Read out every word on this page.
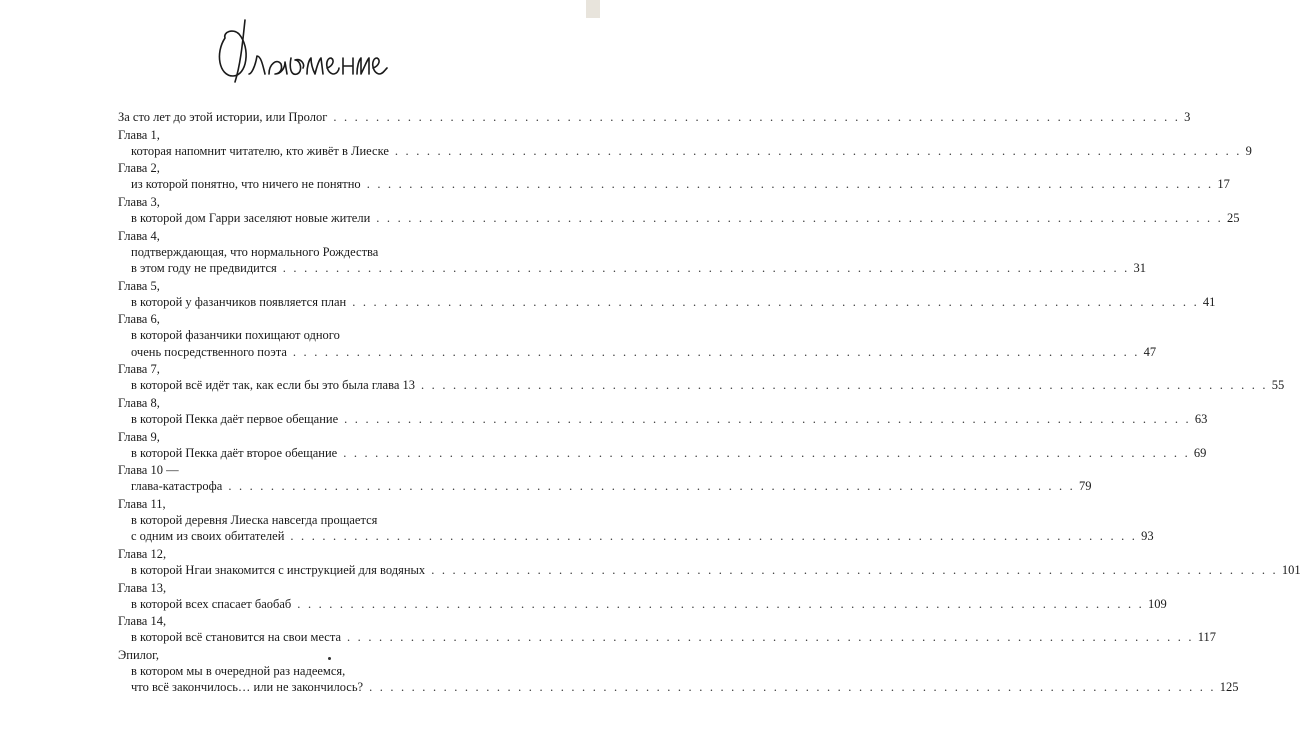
За сто лет до этой истории, или Пролог . . . . . . . . . . . . . . . . . . . . . . . . . . . . . . . . . . . . . . . . . . . . . . . . . . . . . . . . . . . . . . . . . . . . . . . . . . . . . . . . 3
Глава 1,
которая напомнит читателю, кто живёт в Лиеске . . . . . . . . . . . . . . . . . . . . . . . . . . . . . . . . . . . . . . . . . . . . . . . . . . . . . . . . . . . . . . . . . . . . . . . . . . . . . . . . 9
Глава 2,
из которой понятно, что ничего не понятно . . . . . . . . . . . . . . . . . . . . . . . . . . . . . . . . . . . . . . . . . . . . . . . . . . . . . . . . . . . . . . . . . . . . . . . . . . . . . . . . 17
Глава 3,
в которой дом Гарри заселяют новые жители . . . . . . . . . . . . . . . . . . . . . . . . . . . . . . . . . . . . . . . . . . . . . . . . . . . . . . . . . . . . . . . . . . . . . . . . . . . . . . . . 25
Глава 4,
подтверждающая, что нормального Рождества
в этом году не предвидится . . . . . . . . . . . . . . . . . . . . . . . . . . . . . . . . . . . . . . . . . . . . . . . . . . . . . . . . . . . . . . . . . . . . . . . . . . . . . . . . 31
Глава 5,
в которой у фазанчиков появляется план . . . . . . . . . . . . . . . . . . . . . . . . . . . . . . . . . . . . . . . . . . . . . . . . . . . . . . . . . . . . . . . . . . . . . . . . . . . . . . . . 41
Глава 6,
в которой фазанчики похищают одного
очень посредственного поэта . . . . . . . . . . . . . . . . . . . . . . . . . . . . . . . . . . . . . . . . . . . . . . . . . . . . . . . . . . . . . . . . . . . . . . . . . . . . . . . . 47
Глава 7,
в которой всё идёт так, как если бы это была глава 13 . . . . . . . . . . . . . . . . . . . . . . . . . . . . . . . . . . . . . . . . . . . . . . . . . . . . . . . . . . . . . . . . . . . . . . . . . . . . . . . . 55
Глава 8,
в которой Пекка даёт первое обещание . . . . . . . . . . . . . . . . . . . . . . . . . . . . . . . . . . . . . . . . . . . . . . . . . . . . . . . . . . . . . . . . . . . . . . . . . . . . . . . . 63
Глава 9,
в которой Пекка даёт второе обещание . . . . . . . . . . . . . . . . . . . . . . . . . . . . . . . . . . . . . . . . . . . . . . . . . . . . . . . . . . . . . . . . . . . . . . . . . . . . . . . . 69
Глава 10 —
глава-катастрофа . . . . . . . . . . . . . . . . . . . . . . . . . . . . . . . . . . . . . . . . . . . . . . . . . . . . . . . . . . . . . . . . . . . . . . . . . . . . . . . . 79
Глава 11,
в которой деревня Лиеска навсегда прощается
с одним из своих обитателей . . . . . . . . . . . . . . . . . . . . . . . . . . . . . . . . . . . . . . . . . . . . . . . . . . . . . . . . . . . . . . . . . . . . . . . . . . . . . . . . 93
Глава 12,
в которой Нгаи знакомится с инструкцией для водяных . . . . . . . . . . . . . . . . . . . . . . . . . . . . . . . . . . . . . . . . . . . . . . . . . . . . . . . . . . . . . . . . . . . . . . . . . . . . . . . . 101
Глава 13,
в которой всех спасает баобаб . . . . . . . . . . . . . . . . . . . . . . . . . . . . . . . . . . . . . . . . . . . . . . . . . . . . . . . . . . . . . . . . . . . . . . . . . . . . . . . . 109
Глава 14,
в которой всё становится на свои места . . . . . . . . . . . . . . . . . . . . . . . . . . . . . . . . . . . . . . . . . . . . . . . . . . . . . . . . . . . . . . . . . . . . . . . . . . . . . . . . 117
Эпилог,
в котором мы в очередной раз надеемся,
что всё закончилось… или не закончилось? . . . . . . . . . . . . . . . . . . . . . . . . . . . . . . . . . . . . . . . . . . . . . . . . . . . . . . . . . . . . . . . . . . . . . . . . . . . . . . . . 125
